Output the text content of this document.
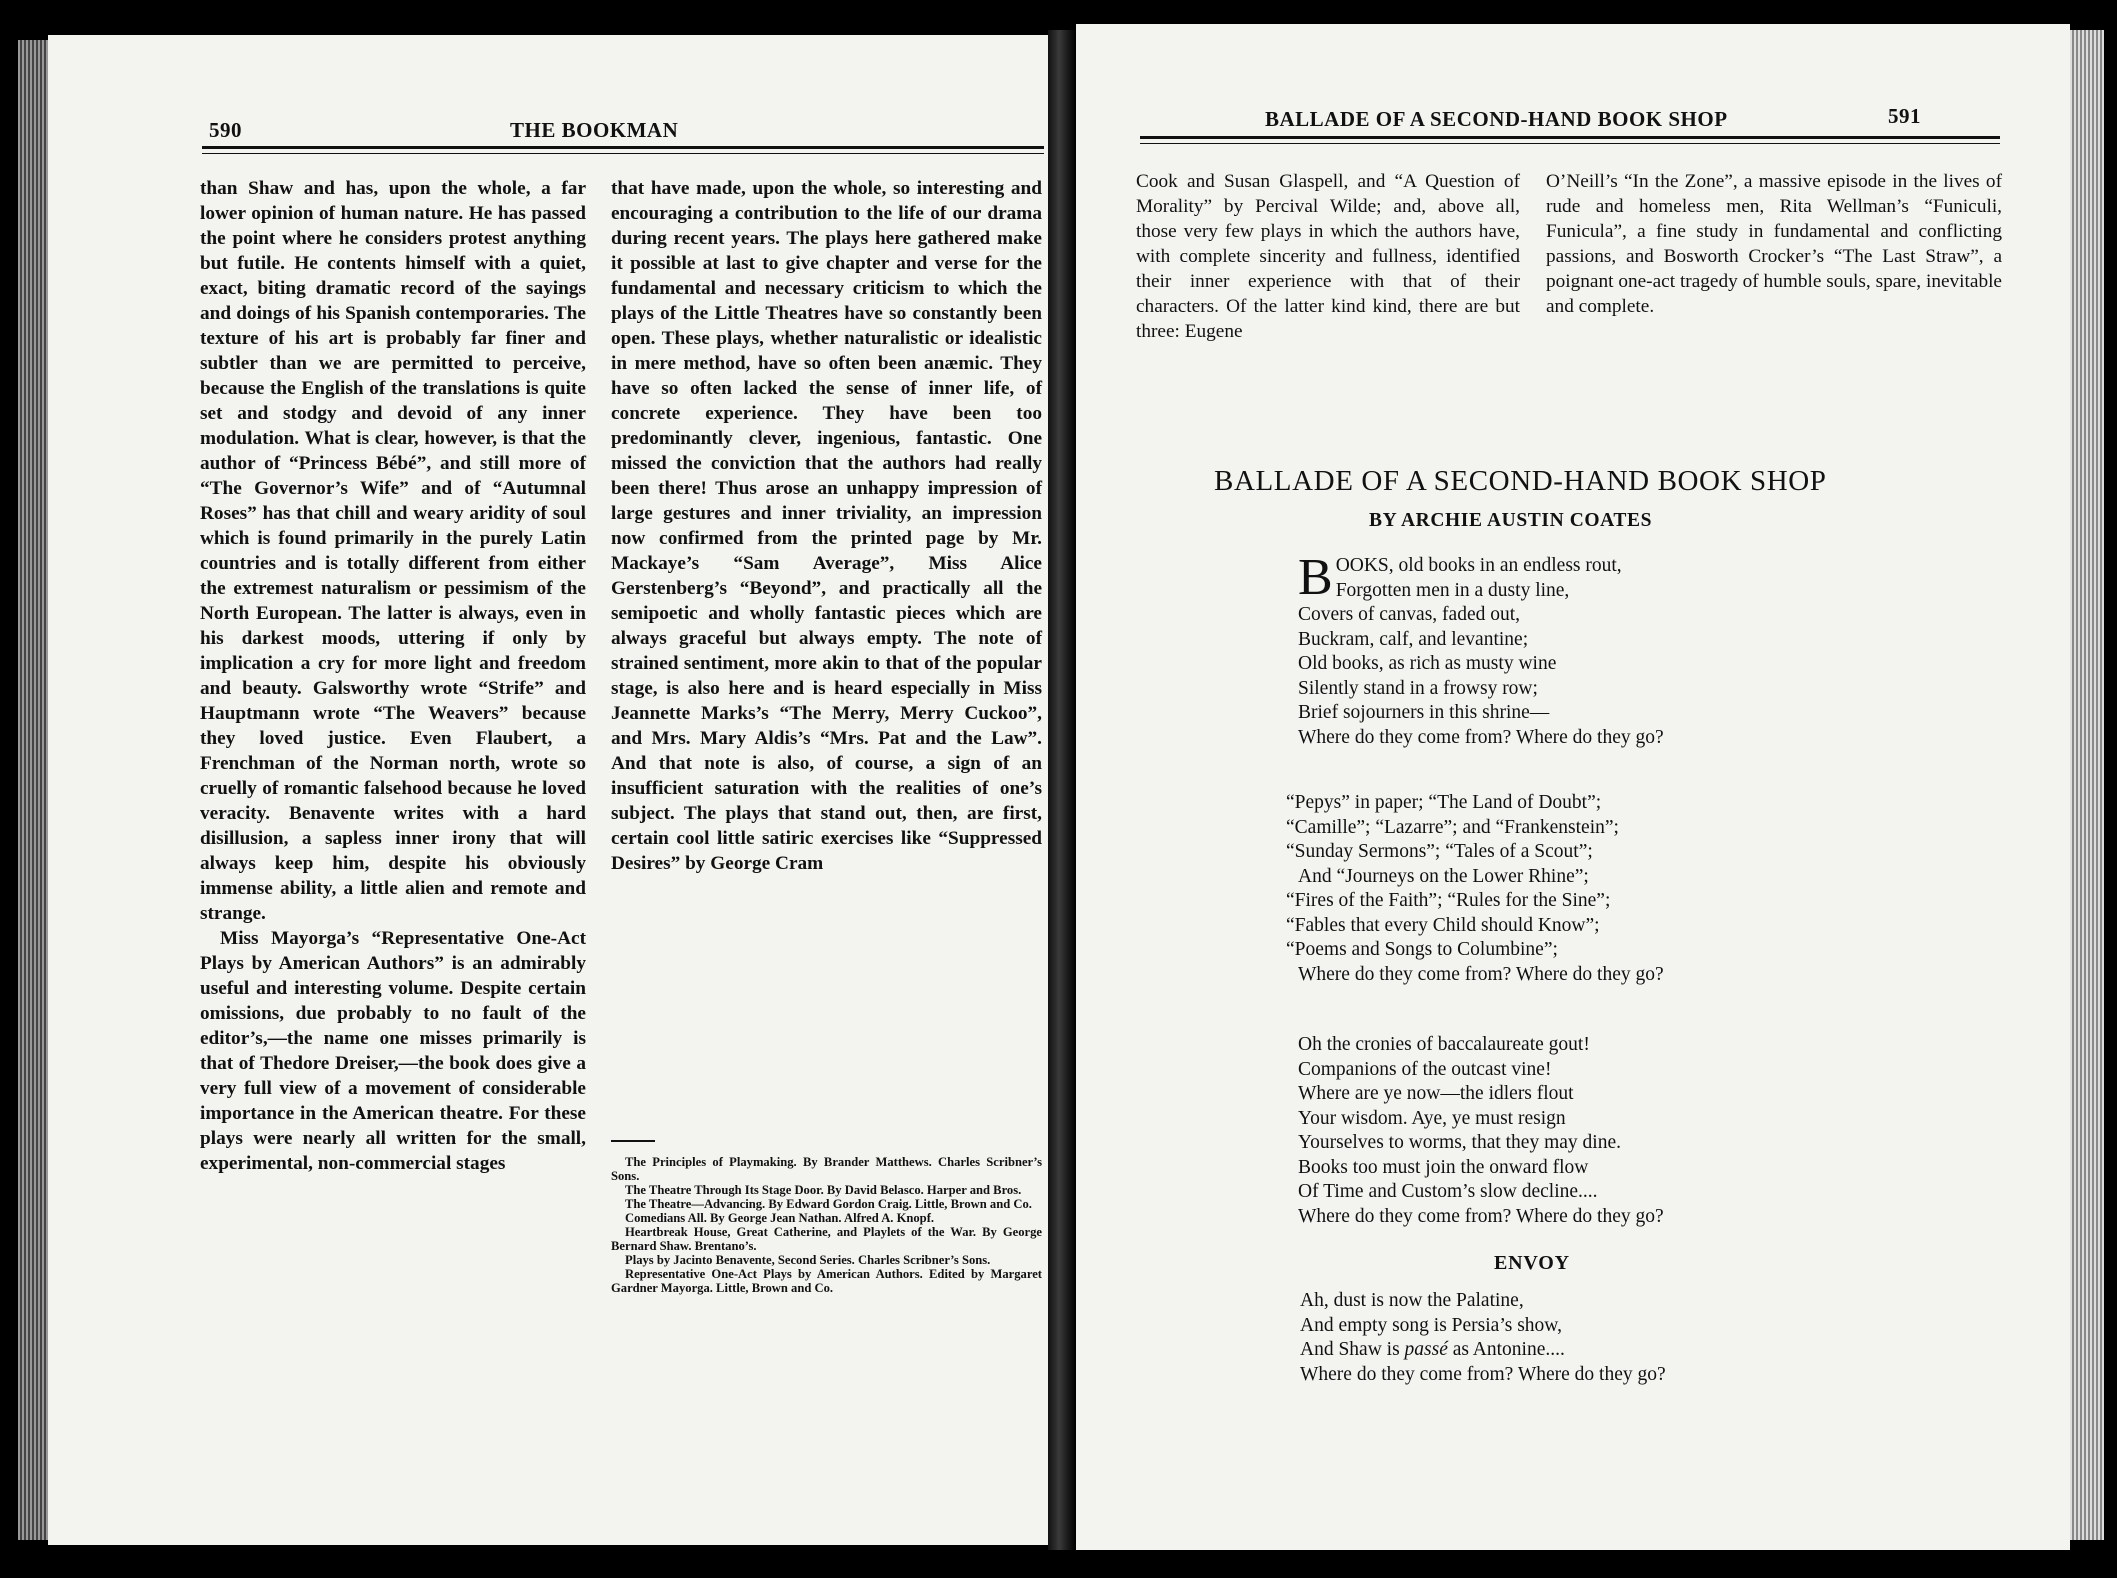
590	THE BOOKMAN

than Shaw and has, upon the whole, a far lower opinion of human nature. He has passed the point where he considers protest anything but futile. He contents himself with a quiet, exact, biting dramatic record of the sayings and doings of his Spanish contemporaries. The texture of his art is probably far finer and subtler than we are permitted to perceive, because the English of the translations is quite set and stodgy and devoid of any inner modulation. What is clear, however, is that the author of “Princess Bébé”, and still more of “The Governor’s Wife” and of “Autumnal Roses” has that chill and weary aridity of soul which is found primarily in the purely Latin countries and is totally different from either the extremest naturalism or pessimism of the North European. The latter is always, even in his darkest moods, uttering if only by implication a cry for more light and freedom and beauty. Galsworthy wrote “Strife” and Hauptmann wrote “The Weavers” because they loved justice. Even Flaubert, a Frenchman of the Norman north, wrote so cruelly of romantic falsehood because he loved veracity. Benavente writes with a hard disillusion, a sapless inner irony that will always keep him, despite his obviously immense ability, a little alien and remote and strange.

Miss Mayorga’s “Representative One-Act Plays by American Authors” is an admirably useful and interesting volume. Despite certain omissions, due probably to no fault of the editor’s,—the name one misses primarily is that of Thedore Dreiser,—the book does give a very full view of a movement of considerable importance in the American theatre. For these plays were nearly all written for the small, experimental, non-commercial stages

that have made, upon the whole, so interesting and encouraging a contribution to the life of our drama during recent years. The plays here gathered make it possible at last to give chapter and verse for the fundamental and necessary criticism to which the plays of the Little Theatres have so constantly been open. These plays, whether naturalistic or idealistic in mere method, have so often been anæmic. They have so often lacked the sense of inner life, of concrete experience. They have been too predominantly clever, ingenious, fantastic. One missed the conviction that the authors had really been there! Thus arose an unhappy impression of large gestures and inner triviality, an impression now confirmed from the printed page by Mr. Mackaye’s “Sam Average”, Miss Alice Gerstenberg’s “Beyond”, and practically all the semipoetic and wholly fantastic pieces which are always graceful but always empty. The note of strained sentiment, more akin to that of the popular stage, is also here and is heard especially in Miss Jeannette Marks’s “The Merry, Merry Cuckoo”, and Mrs. Mary Aldis’s “Mrs. Pat and the Law”. And that note is also, of course, a sign of an insufficient saturation with the realities of one’s subject. The plays that stand out, then, are first, certain cool little satiric exercises like “Suppressed Desires” by George Cram

The Principles of Playmaking. By Brander Matthews. Charles Scribner’s Sons.

The Theatre Through Its Stage Door. By David Belasco. Harper and Bros.

The Theatre—Advancing. By Edward Gordon Craig. Little, Brown and Co.

Comedians All. By George Jean Nathan. Alfred A. Knopf.

Heartbreak House, Great Catherine, and Playlets of the War. By George Bernard Shaw. Brentano’s.

Plays by Jacinto Benavente, Second Series. Charles Scribner’s Sons.

Representative One-Act Plays by American Authors. Edited by Margaret Gardner Mayorga. Little, Brown and Co.

BALLADE OF A SECOND-HAND BOOK SHOP	591

Cook and Susan Glaspell, and “A Question of Morality” by Percival Wilde; and, above all, those very few plays in which the authors have, with complete sincerity and fullness, identified their inner experience with that of their characters. Of the latter kind kind, there are but three: Eugene

O’Neill’s “In the Zone”, a massive episode in the lives of rude and homeless men, Rita Wellman’s “Funiculi, Funicula”, a fine study in fundamental and conflicting passions, and Bosworth Crocker’s “The Last Straw”, a poignant one-act tragedy of humble souls, spare, inevitable and complete.

BALLADE OF A SECOND-HAND BOOK SHOP
BY ARCHIE AUSTIN COATES
B OOKS, old books in an endless rout,
Forgotten men in a dusty line,
Covers of canvas, faded out,
Buckram, calf, and levantine;
Old books, as rich as musty wine
Silently stand in a frowsy row;
Brief sojourners in this shrine—
Where do they come from? Where do they go?
“Pepys” in paper; “The Land of Doubt”;
“Camille”; “Lazarre”; and “Frankenstein”;
“Sunday Sermons”; “Tales of a Scout”;
And “Journeys on the Lower Rhine”;
“Fires of the Faith”; “Rules for the Sine”;
“Fables that every Child should Know”;
“Poems and Songs to Columbine”;
Where do they come from? Where do they go?
Oh the cronies of baccalaureate gout!
Companions of the outcast vine!
Where are ye now—the idlers flout
Your wisdom. Aye, ye must resign
Yourselves to worms, that they may dine.
Books too must join the onward flow
Of Time and Custom’s slow decline....
Where do they come from? Where do they go?
ENVOY
Ah, dust is now the Palatine,
And empty song is Persia’s show,
And Shaw is passé as Antonine....
Where do they come from? Where do they go?
